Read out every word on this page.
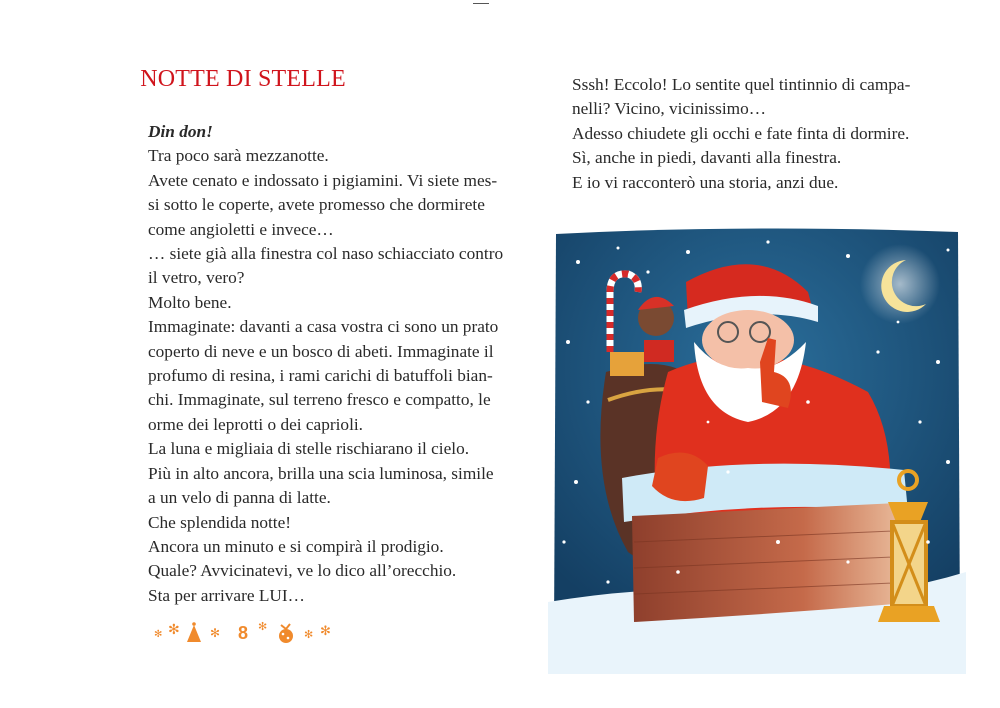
NOTTE DI STELLE
Din don!
Tra poco sarà mezzanotte.
Avete cenato e indossato i pigiamini. Vi siete mes-
si sotto le coperte, avete promesso che dormirete
come angioletti e invece…
… siete già alla finestra col naso schiacciato contro
il vetro, vero?
Molto bene.
Immaginate: davanti a casa vostra ci sono un prato
coperto di neve e un bosco di abeti. Immaginate il
profumo di resina, i rami carichi di batuffoli bian-
chi. Immaginate, sul terreno fresco e compatto, le
orme dei leprotti o dei caprioli.
La luna e migliaia di stelle rischiarano il cielo.
Più in alto ancora, brilla una scia luminosa, simile
a un velo di panna di latte.
Che splendida notte!
Ancora un minuto e si compirà il prodigio.
Quale? Avvicinatevi, ve lo dico all’orecchio.
Sta per arrivare LUI…
✻ ✻	✻ 8 ✻
✻ ✻
Sssh! Eccolo! Lo sentite quel tintinnio di campa-
nelli? Vicino, vicinissimo…
Adesso chiudete gli occhi e fate finta di dormire.
Sì, anche in piedi, davanti alla finestra.
E io vi racconterò una storia, anzi due.
